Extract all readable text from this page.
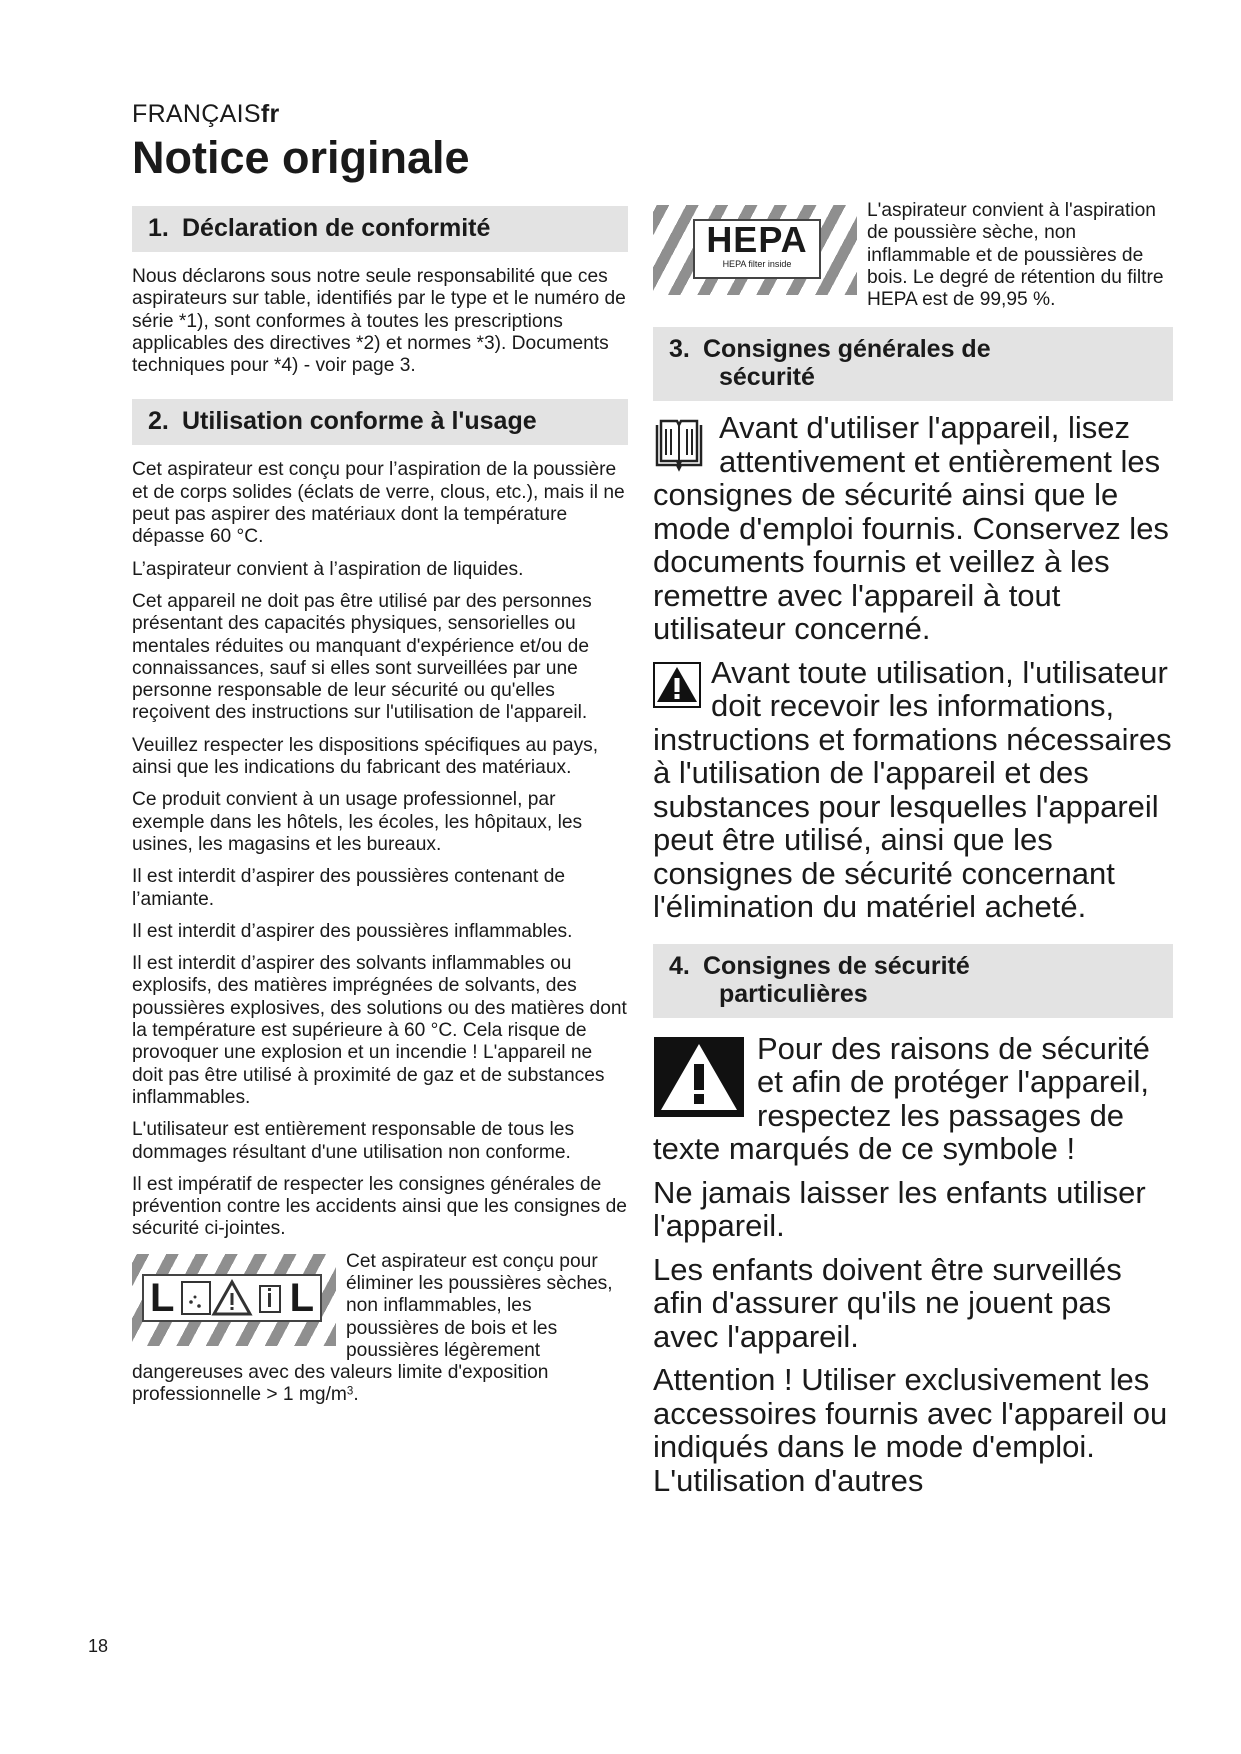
FRANÇAISfr
Notice originale
1. Déclaration de conformité

Nous déclarons sous notre seule responsabilité que ces aspirateurs sur table, identifiés par le type et le numéro de série *1), sont conformes à toutes les prescriptions applicables des directives *2) et normes *3). Documents techniques pour *4) - voir page 3.

2. Utilisation conforme à l'usage

Cet aspirateur est conçu pour l’aspiration de la poussière et de corps solides (éclats de verre, clous, etc.), mais il ne peut pas aspirer des matériaux dont la température dépasse 60 °C.

L’aspirateur convient à l’aspiration de liquides.

Cet appareil ne doit pas être utilisé par des personnes présentant des capacités physiques, sensorielles ou mentales réduites ou manquant d'expérience et/ou de connaissances, sauf si elles sont surveillées par une personne responsable de leur sécurité ou qu'elles reçoivent des instructions sur l'utilisation de l'appareil.

Veuillez respecter les dispositions spécifiques au pays, ainsi que les indications du fabricant des matériaux.

Ce produit convient à un usage professionnel, par exemple dans les hôtels, les écoles, les hôpitaux, les usines, les magasins et les bureaux.

Il est interdit d’aspirer des poussières contenant de l’amiante.

Il est interdit d’aspirer des poussières inflammables.

Il est interdit d’aspirer des solvants inflammables ou explosifs, des matières imprégnées de solvants, des poussières explosives, des solutions ou des matières dont la température est supérieure à 60 °C. Cela risque de provoquer une explosion et un incendie ! L'appareil ne doit pas être utilisé à proximité de gaz et de substances inflammables.

L'utilisateur est entièrement responsable de tous les dommages résultant d'une utilisation non conforme.

Il est impératif de respecter les consignes générales de prévention contre les accidents ainsi que les consignes de sécurité ci-jointes.

L	L

Cet aspirateur est conçu pour éliminer les poussières sèches, non inflammables, les poussières de bois et les poussières légèrement dangereuses avec des valeurs limite d'exposition professionnelle > 1 $mg/m^3$.

HEPA
HEPA filter inside

L'aspirateur convient à l'aspiration de poussière sèche, non inflammable et de poussières de bois. Le degré de rétention du filtre HEPA est de 99,95 %.

3. Consignes générales de
sécurité

Avant d'utiliser l'appareil, lisez attentivement et entièrement les consignes de sécurité ainsi que le mode d'emploi fournis. Conservez les documents fournis et veillez à les remettre avec l'appareil à tout utilisateur concerné.

Avant toute utilisation, l'utilisateur doit recevoir les informations, instructions et formations nécessaires à l'utilisation de l'appareil et des substances pour lesquelles l'appareil peut être utilisé, ainsi que les consignes de sécurité concernant l'élimination du matériel acheté.

4. Consignes de sécurité
particulières

Pour des raisons de sécurité et afin de protéger l'appareil, respectez les passages de texte marqués de ce symbole !

Ne jamais laisser les enfants utiliser l'appareil.

Les enfants doivent être surveillés afin d'assurer qu'ils ne jouent pas avec l'appareil.

Attention ! Utiliser exclusivement les accessoires fournis avec l'appareil ou indiqués dans le mode d'emploi. L'utilisation d'autres

18
